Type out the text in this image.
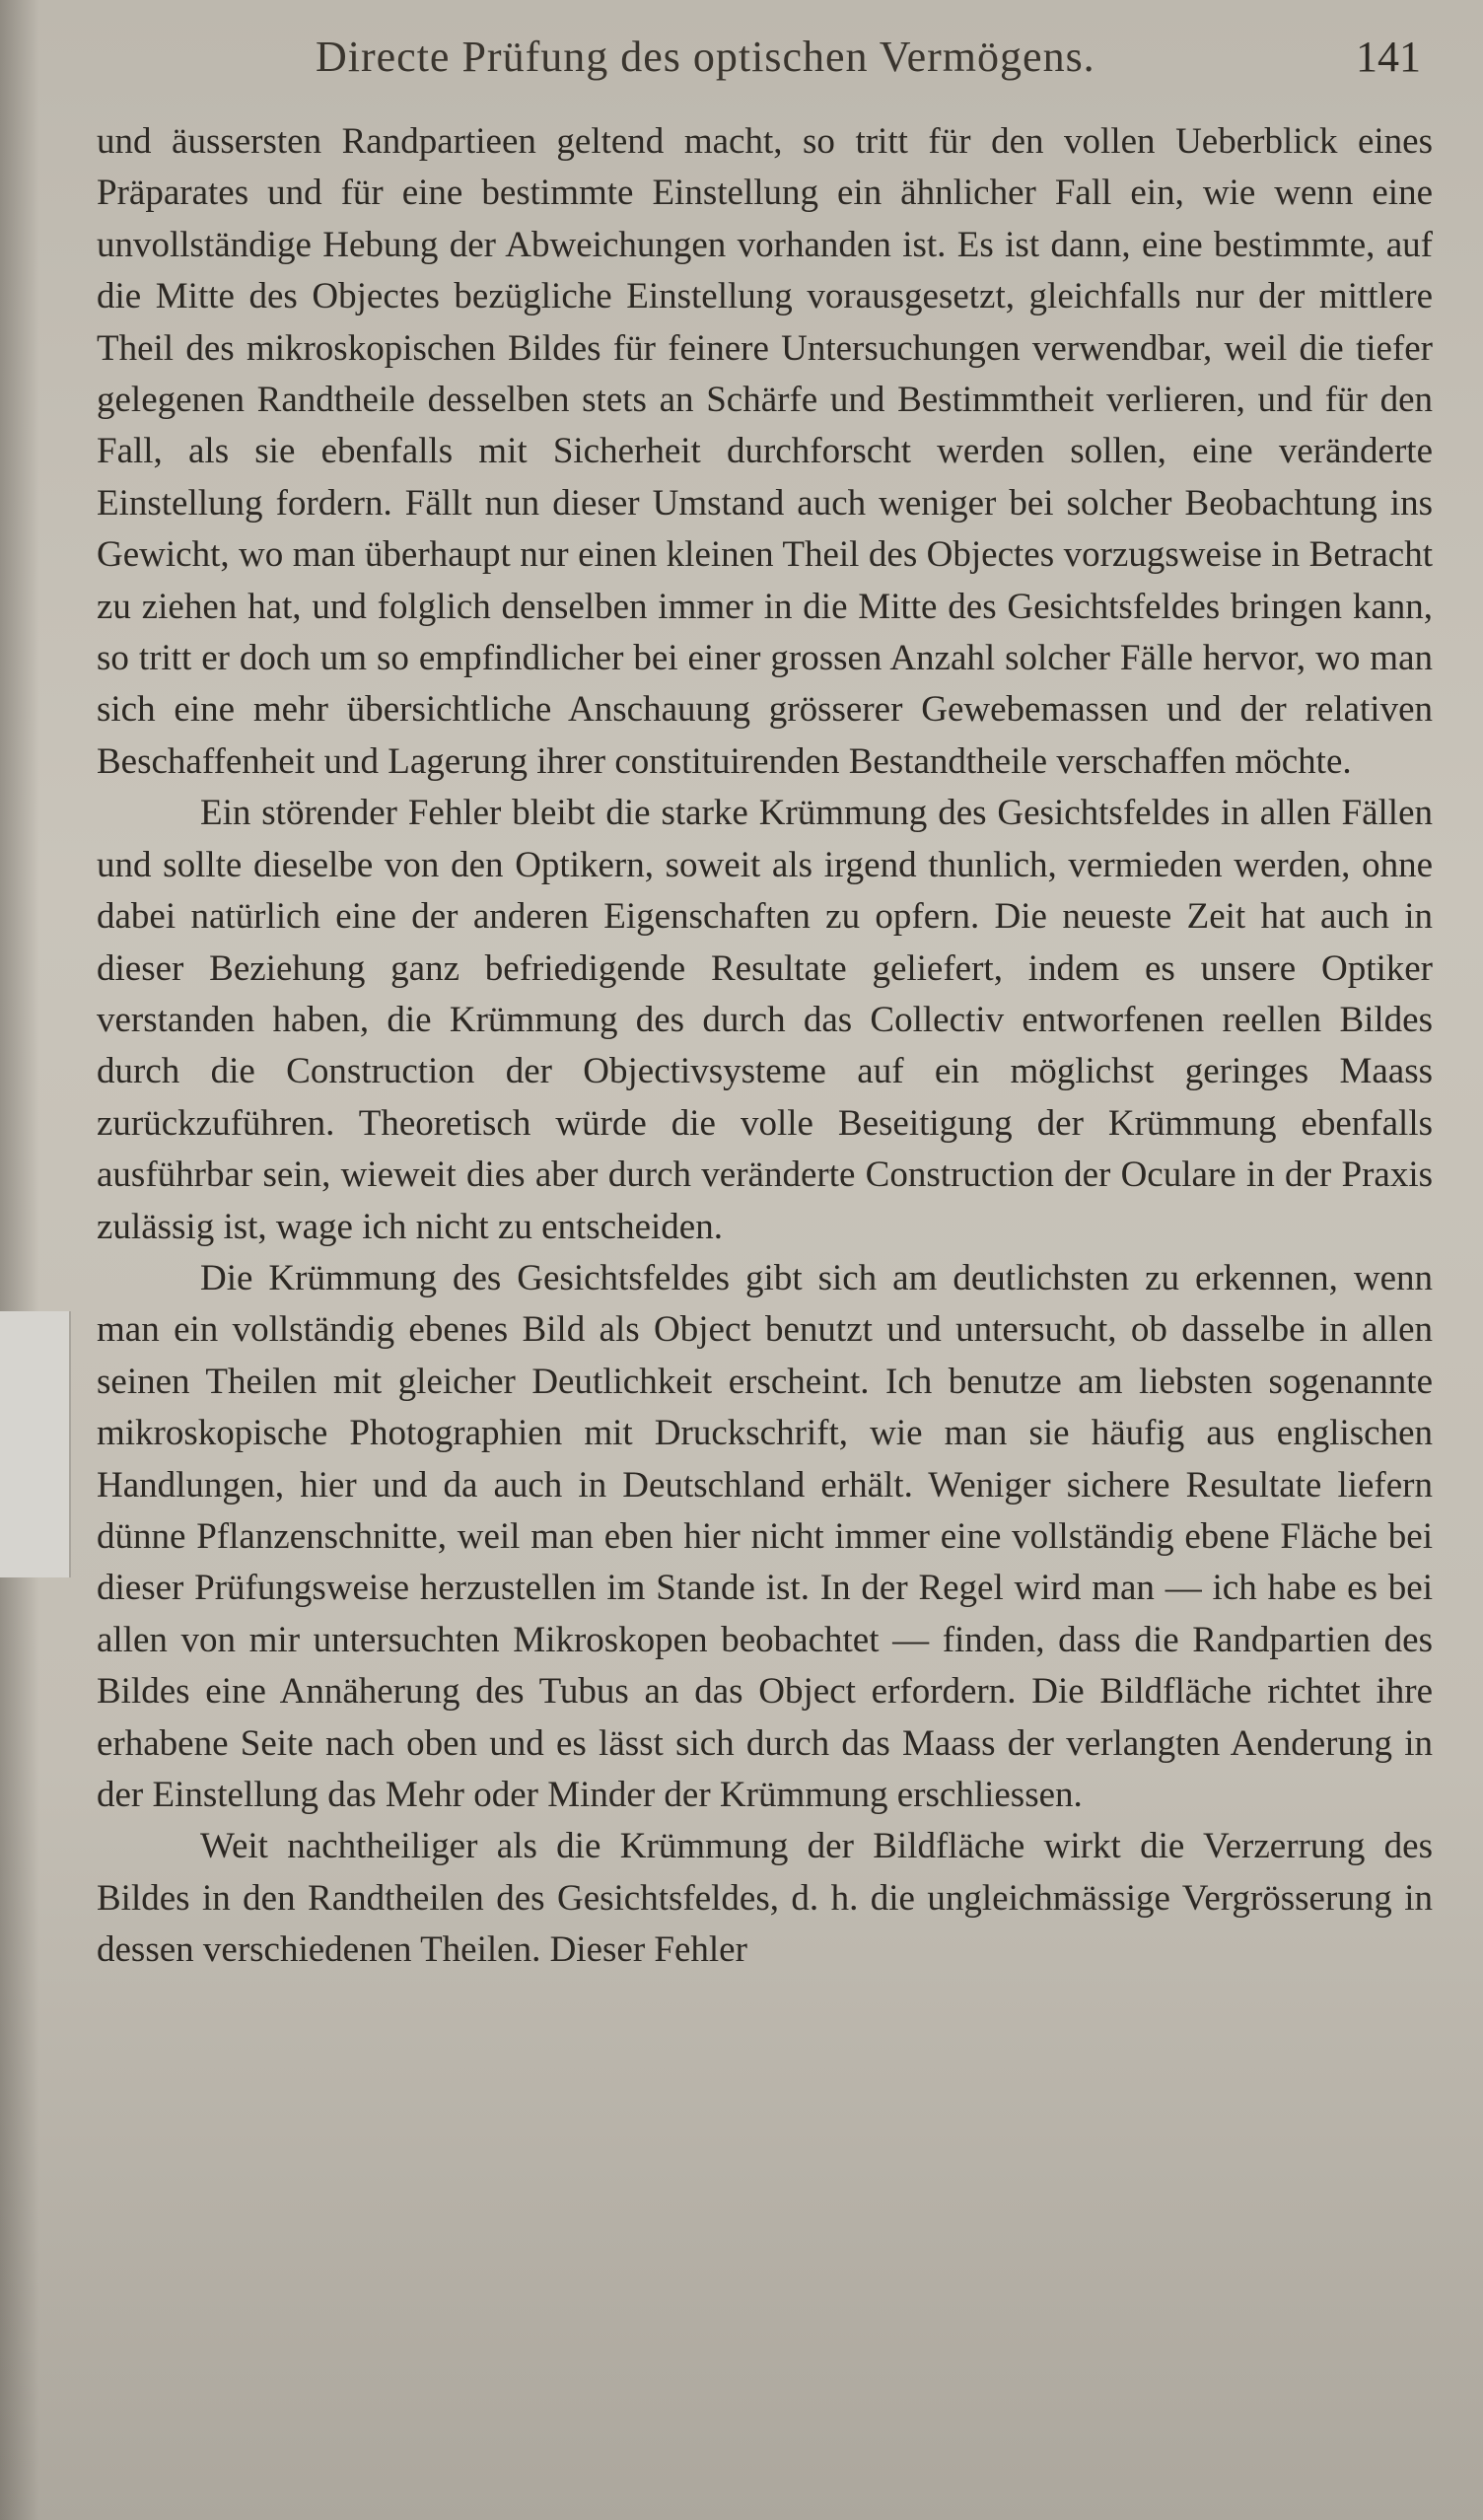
Directe Prüfung des optischen Vermögens.	141

und äussersten Randpartieen geltend macht, so tritt für den vollen Ueberblick eines Präparates und für eine bestimmte Einstellung ein ähnlicher Fall ein, wie wenn eine unvollständige Hebung der Abweichungen vorhanden ist. Es ist dann, eine bestimmte, auf die Mitte des Objectes bezügliche Einstellung vorausgesetzt, gleichfalls nur der mittlere Theil des mikroskopischen Bildes für feinere Untersuchungen verwendbar, weil die tiefer gelegenen Randtheile desselben stets an Schärfe und Bestimmtheit verlieren, und für den Fall, als sie ebenfalls mit Sicherheit durchforscht werden sollen, eine veränderte Einstellung fordern. Fällt nun dieser Umstand auch weniger bei solcher Beobachtung ins Gewicht, wo man überhaupt nur einen kleinen Theil des Objectes vorzugsweise in Betracht zu ziehen hat, und folglich denselben immer in die Mitte des Gesichtsfeldes bringen kann, so tritt er doch um so empfindlicher bei einer grossen Anzahl solcher Fälle hervor, wo man sich eine mehr übersichtliche Anschauung grösserer Gewebemassen und der relativen Beschaffenheit und Lagerung ihrer constituirenden Bestandtheile verschaffen möchte.

Ein störender Fehler bleibt die starke Krümmung des Gesichtsfeldes in allen Fällen und sollte dieselbe von den Optikern, soweit als irgend thunlich, vermieden werden, ohne dabei natürlich eine der anderen Eigenschaften zu opfern. Die neueste Zeit hat auch in dieser Beziehung ganz befriedigende Resultate geliefert, indem es unsere Optiker verstanden haben, die Krümmung des durch das Collectiv entworfenen reellen Bildes durch die Construction der Objectivsysteme auf ein möglichst geringes Maass zurückzuführen. Theoretisch würde die volle Beseitigung der Krümmung ebenfalls ausführbar sein, wieweit dies aber durch veränderte Construction der Oculare in der Praxis zulässig ist, wage ich nicht zu entscheiden.

Die Krümmung des Gesichtsfeldes gibt sich am deutlichsten zu erkennen, wenn man ein vollständig ebenes Bild als Object benutzt und untersucht, ob dasselbe in allen seinen Theilen mit gleicher Deutlichkeit erscheint. Ich benutze am liebsten sogenannte mikroskopische Photographien mit Druckschrift, wie man sie häufig aus englischen Handlungen, hier und da auch in Deutschland erhält. Weniger sichere Resultate liefern dünne Pflanzenschnitte, weil man eben hier nicht immer eine vollständig ebene Fläche bei dieser Prüfungsweise herzustellen im Stande ist. In der Regel wird man — ich habe es bei allen von mir untersuchten Mikroskopen beobachtet — finden, dass die Randpartien des Bildes eine Annäherung des Tubus an das Object erfordern. Die Bildfläche richtet ihre erhabene Seite nach oben und es lässt sich durch das Maass der verlangten Aenderung in der Einstellung das Mehr oder Minder der Krümmung erschliessen.

Weit nachtheiliger als die Krümmung der Bildfläche wirkt die Verzerrung des Bildes in den Randtheilen des Gesichtsfeldes, d. h. die ungleichmässige Vergrösserung in dessen verschiedenen Theilen. Dieser Fehler
